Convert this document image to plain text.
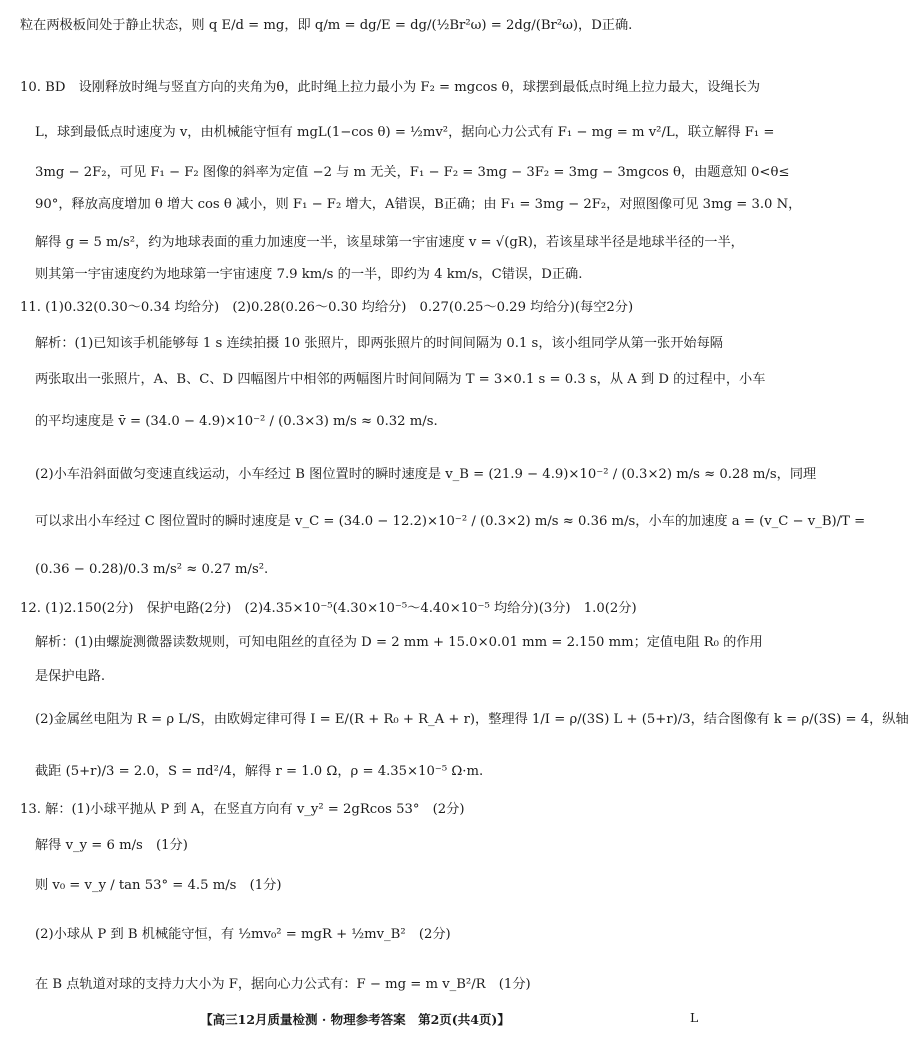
粒在两极板间处于静止状态，则 q E/d = mg，即 q/m = dg/E = dg/(½Br²ω) = 2dg/(Br²ω)，D正确.
10. BD　设刚释放时绳与竖直方向的夹角为θ，此时绳上拉力最小为 F₂ = mgcos θ，球摆到最低点时绳上拉力最大，设绳长为
L，球到最低点时速度为 v，由机械能守恒有 mgL(1−cos θ) = ½mv²，据向心力公式有 F₁ − mg = m v²/L，联立解得 F₁ =
3mg − 2F₂，可见 F₁ − F₂ 图像的斜率为定值 −2 与 m 无关，F₁ − F₂ = 3mg − 3F₂ = 3mg − 3mgcos θ，由题意知 0<θ≤
90°，释放高度增加 θ 增大 cos θ 减小，则 F₁ − F₂ 增大，A错误，B正确；由 F₁ = 3mg − 2F₂，对照图像可见 3mg = 3.0 N，
解得 g = 5 m/s²，约为地球表面的重力加速度一半，该星球第一宇宙速度 v = √(gR)，若该星球半径是地球半径的一半，
则其第一宇宙速度约为地球第一宇宙速度 7.9 km/s 的一半，即约为 4 km/s，C错误，D正确.
11. (1)0.32(0.30～0.34 均给分)　(2)0.28(0.26～0.30 均给分)　0.27(0.25～0.29 均给分)(每空2分)
解析：(1)已知该手机能够每 1 s 连续拍摄 10 张照片，即两张照片的时间间隔为 0.1 s，该小组同学从第一张开始每隔
两张取出一张照片，A、B、C、D 四幅图片中相邻的两幅图片时间间隔为 T = 3×0.1 s = 0.3 s，从 A 到 D 的过程中，小车
的平均速度是 v̄ = (34.0 − 4.9)×10⁻² / (0.3×3) m/s ≈ 0.32 m/s.
(2)小车沿斜面做匀变速直线运动，小车经过 B 图位置时的瞬时速度是 v_B = (21.9 − 4.9)×10⁻² / (0.3×2) m/s ≈ 0.28 m/s，同理
可以求出小车经过 C 图位置时的瞬时速度是 v_C = (34.0 − 12.2)×10⁻² / (0.3×2) m/s ≈ 0.36 m/s，小车的加速度 a = (v_C − v_B)/T =
(0.36 − 0.28)/0.3 m/s² ≈ 0.27 m/s².
12. (1)2.150(2分)　保护电路(2分)　(2)4.35×10⁻⁵(4.30×10⁻⁵～4.40×10⁻⁵ 均给分)(3分)　1.0(2分)
解析：(1)由螺旋测微器读数规则，可知电阻丝的直径为 D = 2 mm + 15.0×0.01 mm = 2.150 mm；定值电阻 R₀ 的作用
是保护电路.
(2)金属丝电阻为 R = ρ L/S，由欧姆定律可得 I = E/(R + R₀ + R_A + r)，整理得 1/I = ρ/(3S) L + (5+r)/3，结合图像有 k = ρ/(3S) = 4，纵轴
截距 (5+r)/3 = 2.0，S = πd²/4，解得 r = 1.0 Ω，ρ = 4.35×10⁻⁵ Ω·m.
13. 解：(1)小球平抛从 P 到 A，在竖直方向有 v_y² = 2gRcos 53°　(2分)
解得 v_y = 6 m/s　(1分)
则 v₀ = v_y / tan 53° = 4.5 m/s　(1分)
(2)小球从 P 到 B 机械能守恒，有 ½mv₀² = mgR + ½mv_B²　(2分)
在 B 点轨道对球的支持力大小为 F，据向心力公式有：F − mg = m v_B²/R　(1分)
【高三12月质量检测 · 物理参考答案　第2页(共4页)】	L
